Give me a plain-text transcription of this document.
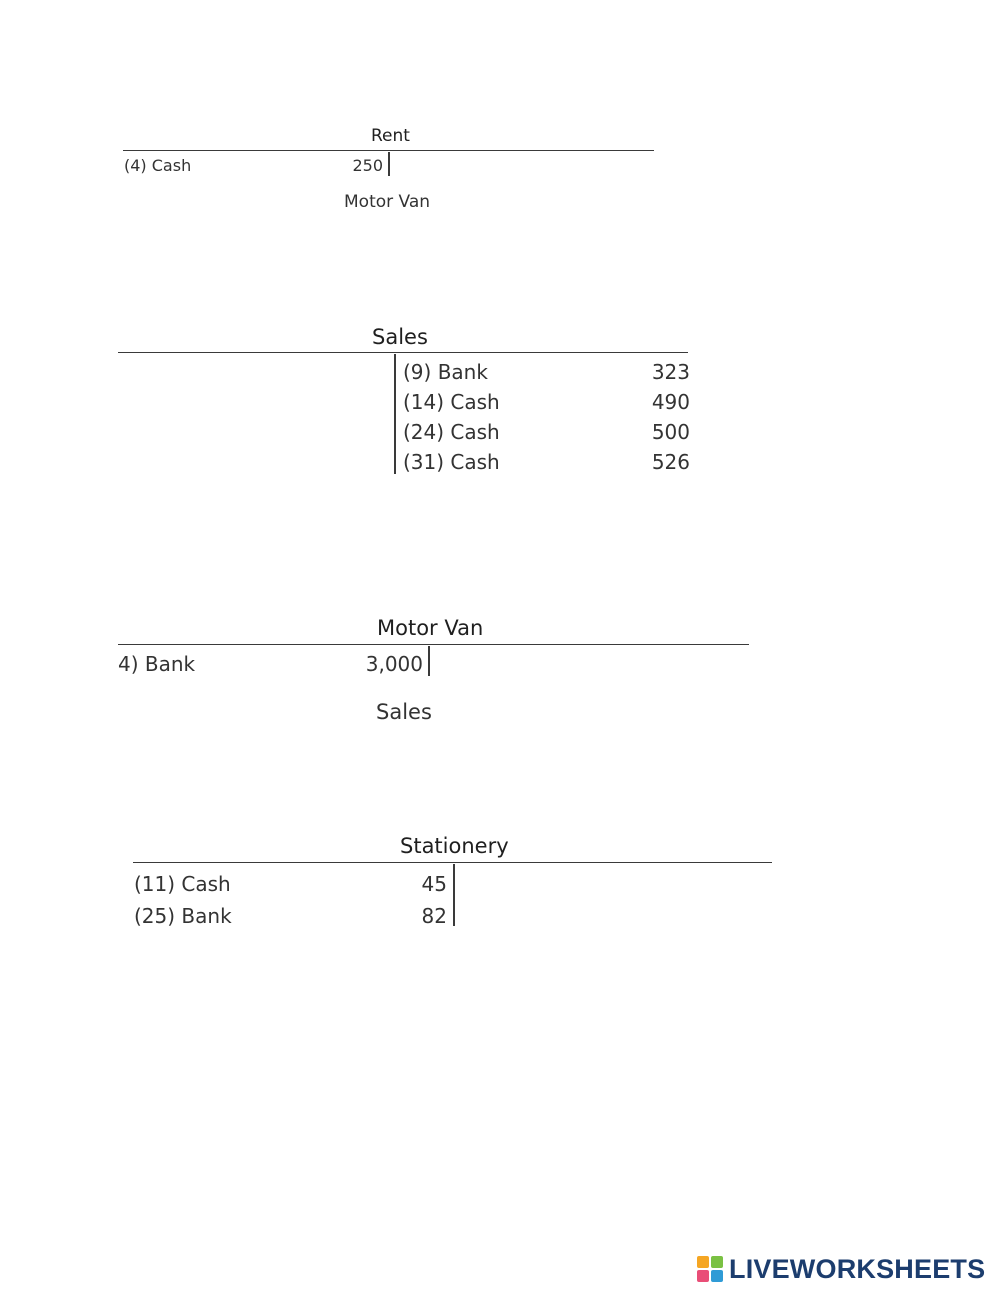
Rent
(4) Cash	250
Motor Van
Sales
(9) Bank	323
(14) Cash	490
(24) Cash	500
(31) Cash	526
Motor Van
4) Bank	3,000
Sales
Stationery
(11) Cash	45
(25) Bank	82
LIVEWORKSHEETS
